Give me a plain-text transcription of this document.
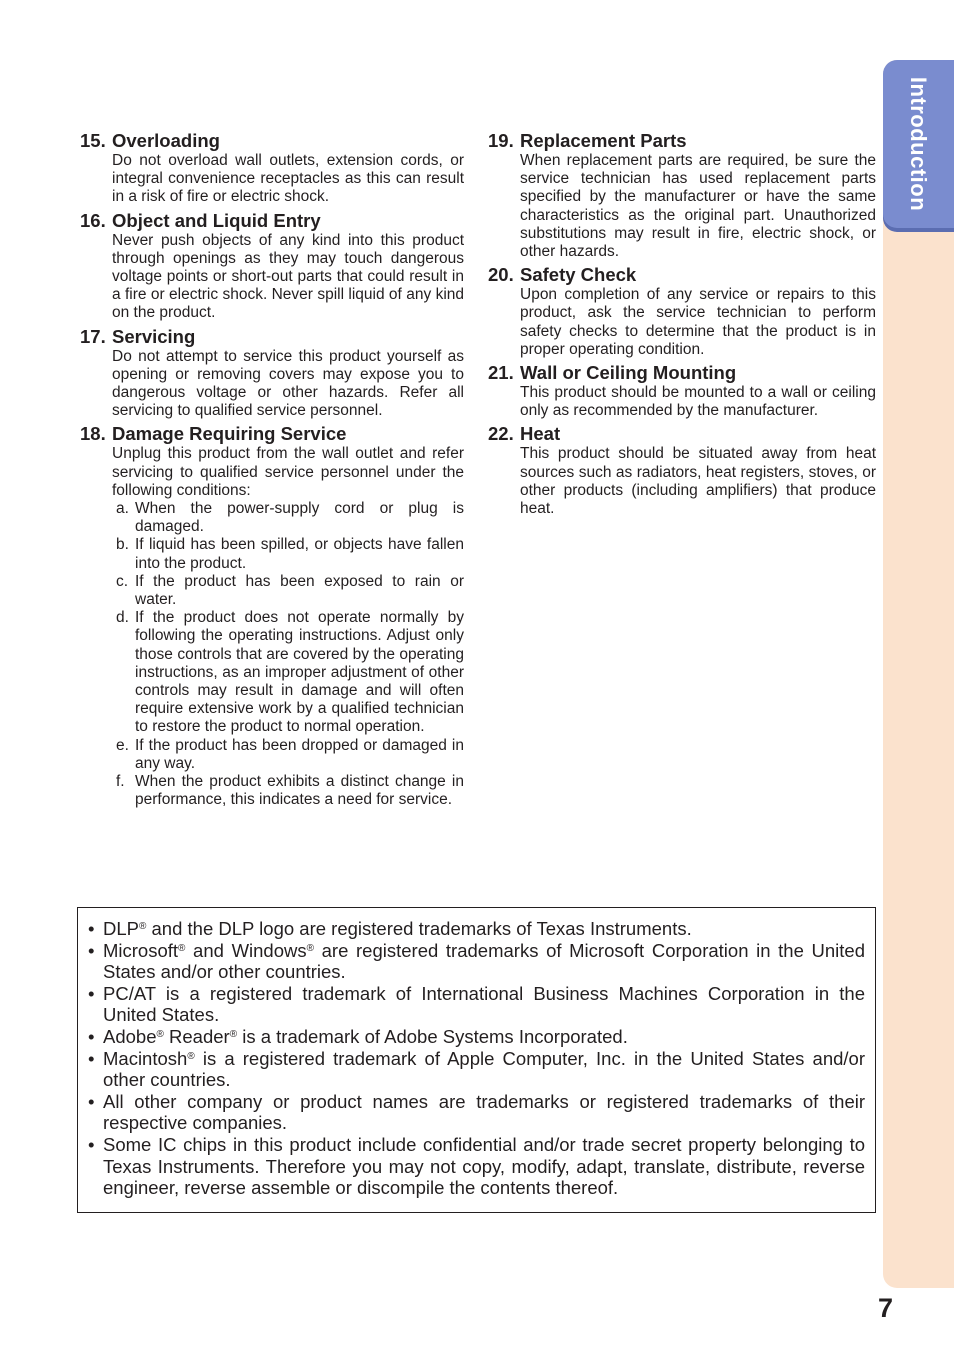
Introduction
15. Overloading
Do not overload wall outlets, extension cords, or integral convenience receptacles as this can result in a risk of fire or electric shock.
16. Object and Liquid Entry
Never push objects of any kind into this product through openings as they may touch dangerous voltage points or short-out parts that could result in a fire or electric shock. Never spill liquid of any kind on the product.
17. Servicing
Do not attempt to service this product yourself as opening or removing covers may expose you to dangerous voltage or other hazards. Refer all servicing to qualified service personnel.
18. Damage Requiring Service
Unplug this product from the wall outlet and refer servicing to qualified service personnel under the following conditions:
a. When the power-supply cord or plug is damaged.
b. If liquid has been spilled, or objects have fallen into the product.
c. If the product has been exposed to rain or water.
d. If the product does not operate normally by following the operating instructions. Adjust only those controls that are covered by the operating instructions, as an improper adjustment of other controls may result in damage and will often require extensive work by a qualified technician to restore the product to normal operation.
e. If the product has been dropped or damaged in any way.
f. When the product exhibits a distinct change in performance, this indicates a need for service.
19. Replacement Parts
When replacement parts are required, be sure the service technician has used replacement parts specified by the manufacturer or have the same characteristics as the original part. Unauthorized substitutions may result in fire, electric shock, or other hazards.
20. Safety Check
Upon completion of any service or repairs to this product, ask the service technician to perform safety checks to determine that the product is in proper operating condition.
21. Wall or Ceiling Mounting
This product should be mounted to a wall or ceiling only as recommended by the manufacturer.
22. Heat
This product should be situated away from heat sources such as radiators, heat registers, stoves, or other products (including amplifiers) that produce heat.
• DLP® and the DLP logo are registered trademarks of Texas Instruments.
• Microsoft® and Windows® are registered trademarks of Microsoft Corporation in the United States and/or other countries.
• PC/AT is a registered trademark of International Business Machines Corporation in the United States.
• Adobe® Reader® is a trademark of Adobe Systems Incorporated.
• Macintosh® is a registered trademark of Apple Computer, Inc. in the United States and/or other countries.
• All other company or product names are trademarks or registered trademarks of their respective companies.
• Some IC chips in this product include confidential and/or trade secret property belonging to Texas Instruments. Therefore you may not copy, modify, adapt, translate, distribute, reverse engineer, reverse assemble or discompile the contents thereof.
7
